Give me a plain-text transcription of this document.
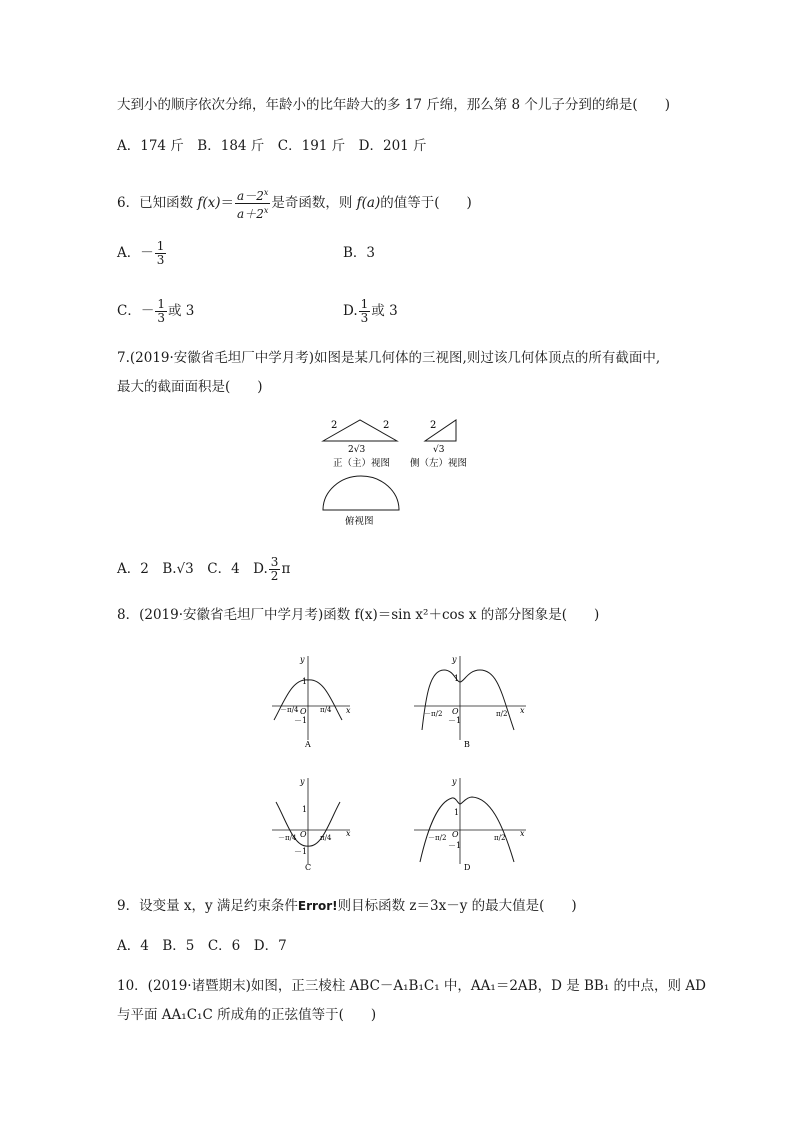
大到小的顺序依次分绵，年龄小的比年龄大的多 17 斤绵，那么第 8 个儿子分到的绵是(　　)
A．174 斤　B．184 斤　C．191 斤　D．201 斤
6．已知函数 $f(x)= \frac{a-2^x}{a+2^x}$ 是奇函数，则 f(a)的值等于(　　)
A．－ $\frac{1}{3}$	B．3
C．－ $\frac{1}{3}$ 或 3	D. $\frac{1}{3}$ 或 3
7.(2019·安徽省毛坦厂中学月考)如图是某几何体的三视图,则过该几何体顶点的所有截面中,
最大的截面面积是(　　)
2	2
2√3
正（主）视图
2
√3
侧（左）视图
俯视图
A．2　B.√3　C．4　D. $\frac{3}{2}$ π
8．(2019·安徽省毛坦厂中学月考)函数 f(x)＝sin x²＋cos x 的部分图象是(　　)
y
x
O
1
－1
－π/4	π/4
A
y
x
O
1
－1
－π/2	π/2
B
y
x
O
1
－1
－π/4	π/4
C
y
x
O
1
－1
－π/2	π/2
D
9．设变量 x，y 满足约束条件Error!则目标函数 z＝3x－y 的最大值是(　　)
A．4　B．5　C．6　D．7
10．(2019·诸暨期末)如图，正三棱柱 ABC－A₁B₁C₁ 中，AA₁＝2AB，D 是 BB₁ 的中点，则 AD
与平面 AA₁C₁C 所成角的正弦值等于(　　)
